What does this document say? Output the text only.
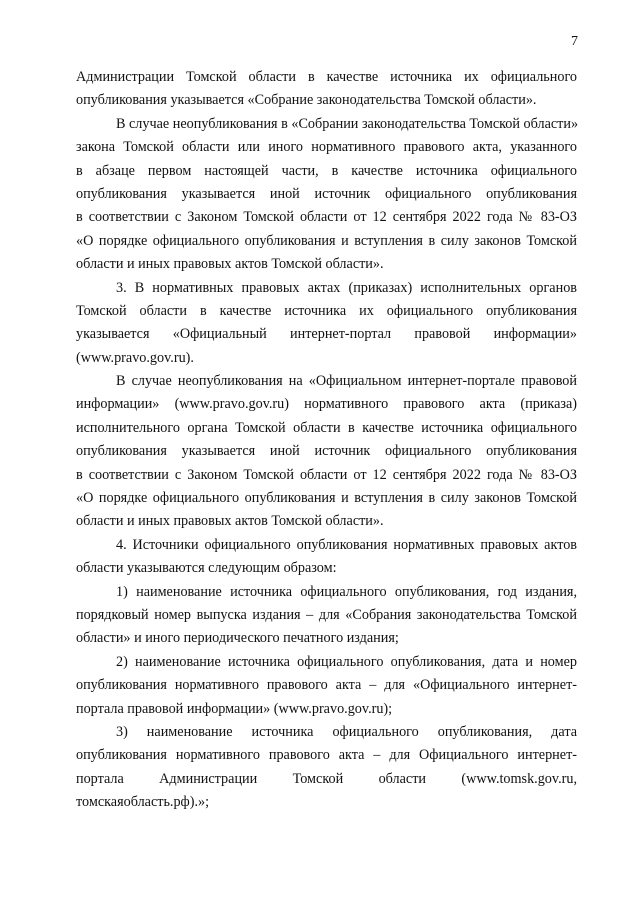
7
Администрации Томской области в качестве источника их официального
опубликования указывается «Собрание законодательства Томской области».
В случае неопубликования в «Собрании законодательства Томской области»
закона Томской области или иного нормативного правового акта, указанного
в абзаце первом настоящей части, в качестве источника официального
опубликования указывается иной источник официального опубликования
в соответствии с Законом Томской области от 12 сентября 2022 года № 83-ОЗ
«О порядке официального опубликования и вступления в силу законов Томской
области и иных правовых актов Томской области».
3. В нормативных правовых актах (приказах) исполнительных органов
Томской области в качестве источника их официального опубликования
указывается «Официальный интернет-портал правовой информации»
(www.pravo.gov.ru).
В случае неопубликования на «Официальном интернет-портале правовой
информации» (www.pravo.gov.ru) нормативного правового акта (приказа)
исполнительного органа Томской области в качестве источника официального
опубликования указывается иной источник официального опубликования
в соответствии с Законом Томской области от 12 сентября 2022 года № 83-ОЗ
«О порядке официального опубликования и вступления в силу законов Томской
области и иных правовых актов Томской области».
4. Источники официального опубликования нормативных правовых актов
области указываются следующим образом:
1) наименование источника официального опубликования, год издания,
порядковый номер выпуска издания – для «Собрания законодательства Томской
области» и иного периодического печатного издания;
2) наименование источника официального опубликования, дата и номер
опубликования нормативного правового акта – для «Официального интернет-
портала правовой информации» (www.pravo.gov.ru);
3) наименование источника официального опубликования, дата
опубликования нормативного правового акта – для Официального интернет-
портала Администрации Томской области (www.tomsk.gov.ru,
томскаяобласть.рф).»;
